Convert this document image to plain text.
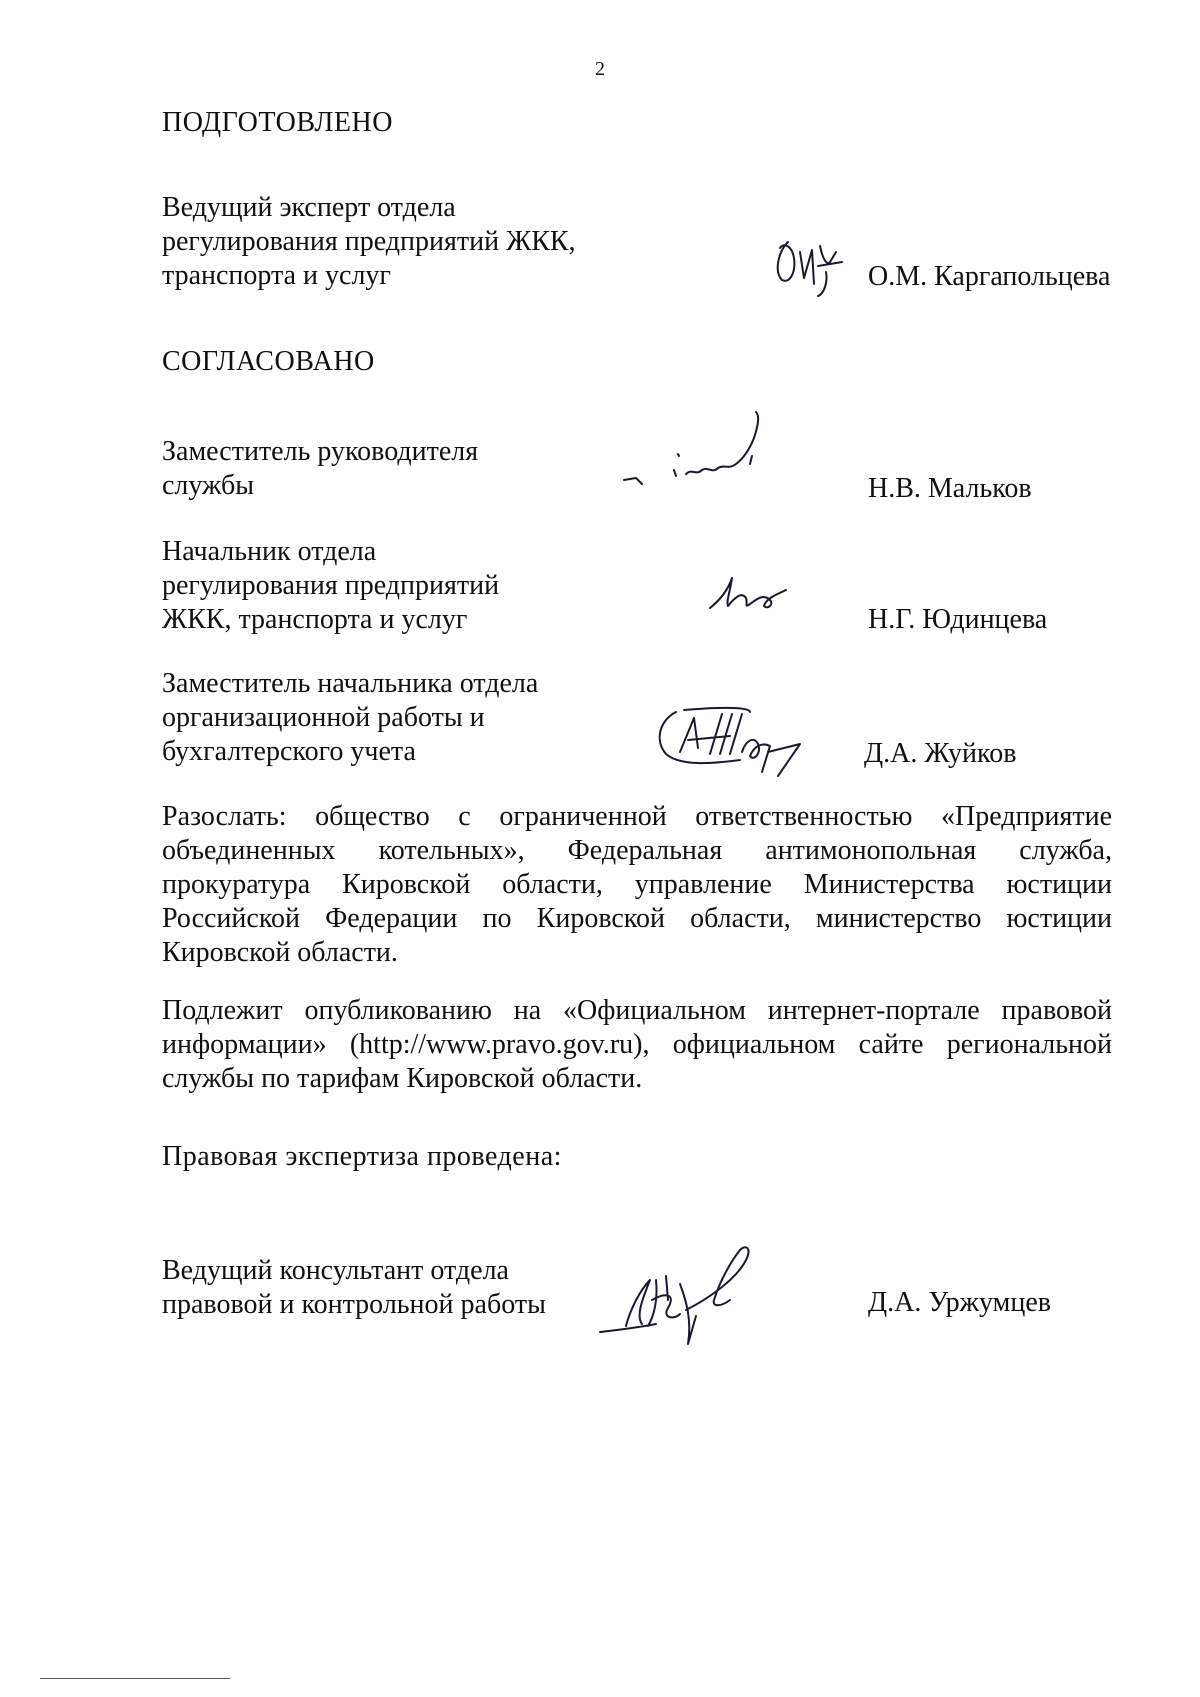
2
ПОДГОТОВЛЕНО
Ведущий эксперт отдела
регулирования предприятий ЖКК,
транспорта и услуг	О.М. Каргапольцева
СОГЛАСОВАНО
Заместитель руководителя
службы	Н.В. Мальков
Начальник отдела
регулирования предприятий
ЖКК, транспорта и услуг	Н.Г. Юдинцева
Заместитель начальника отдела
организационной работы и
бухгалтерского учета	Д.А. Жуйков
Разослать: общество с ограниченной ответственностью «Предприятие объединенных котельных», Федеральная антимонопольная служба, прокуратура Кировской области, управление Министерства юстиции Российской Федерации по Кировской области, министерство юстиции Кировской области.
Подлежит опубликованию на «Официальном интернет-портале правовой информации» (http://www.pravo.gov.ru), официальном сайте региональной службы по тарифам Кировской области.
Правовая экспертиза проведена:
Ведущий консультант отдела
правовой и контрольной работы	Д.А. Уржумцев
